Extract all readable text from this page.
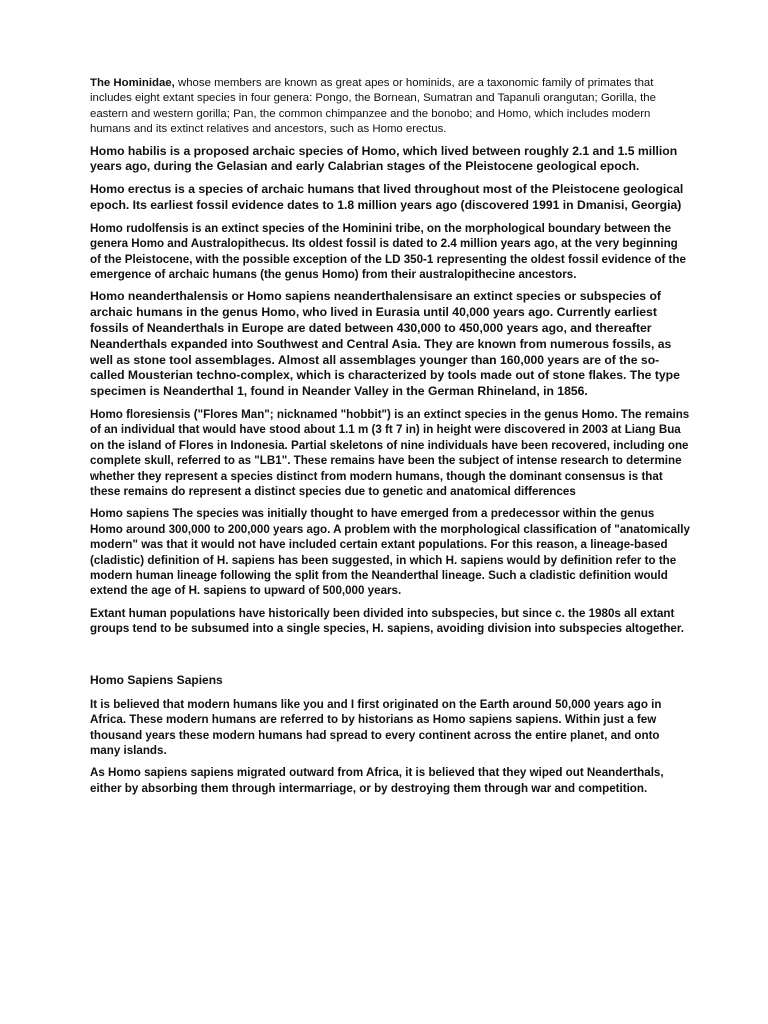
The Hominidae, whose members are known as great apes or hominids, are a taxonomic family of primates that includes eight extant species in four genera: Pongo, the Bornean, Sumatran and Tapanuli orangutan; Gorilla, the eastern and western gorilla; Pan, the common chimpanzee and the bonobo; and Homo, which includes modern humans and its extinct relatives and ancestors, such as Homo erectus.

Homo habilis is a proposed archaic species of Homo, which lived between roughly 2.1 and 1.5 million years ago, during the Gelasian and early Calabrian stages of the Pleistocene geological epoch.

Homo erectus is a species of archaic humans that lived throughout most of the Pleistocene geological epoch. Its earliest fossil evidence dates to 1.8 million years ago (discovered 1991 in Dmanisi, Georgia)

Homo rudolfensis is an extinct species of the Hominini tribe, on the morphological boundary between the genera Homo and Australopithecus. Its oldest fossil is dated to 2.4 million years ago, at the very beginning of the Pleistocene, with the possible exception of the LD 350-1 representing the oldest fossil evidence of the emergence of archaic humans (the genus Homo) from their australopithecine ancestors.

Homo neanderthalensis or Homo sapiens neanderthalensisare an extinct species or subspecies of archaic humans in the genus Homo, who lived in Eurasia until 40,000 years ago. Currently earliest fossils of Neanderthals in Europe are dated between 430,000 to 450,000 years ago, and thereafter Neanderthals expanded into Southwest and Central Asia. They are known from numerous fossils, as well as stone tool assemblages. Almost all assemblages younger than 160,000 years are of the so-called Mousterian techno-complex, which is characterized by tools made out of stone flakes. The type specimen is Neanderthal 1, found in Neander Valley in the German Rhineland, in 1856.

Homo floresiensis ("Flores Man"; nicknamed "hobbit") is an extinct species in the genus Homo. The remains of an individual that would have stood about 1.1 m (3 ft 7 in) in height were discovered in 2003 at Liang Bua on the island of Flores in Indonesia. Partial skeletons of nine individuals have been recovered, including one complete skull, referred to as "LB1". These remains have been the subject of intense research to determine whether they represent a species distinct from modern humans, though the dominant consensus is that these remains do represent a distinct species due to genetic and anatomical differences

Homo sapiens The species was initially thought to have emerged from a predecessor within the genus Homo around 300,000 to 200,000 years ago. A problem with the morphological classification of "anatomically modern" was that it would not have included certain extant populations. For this reason, a lineage-based (cladistic) definition of H. sapiens has been suggested, in which H. sapiens would by definition refer to the modern human lineage following the split from the Neanderthal lineage. Such a cladistic definition would extend the age of H. sapiens to upward of 500,000 years.

Extant human populations have historically been divided into subspecies, but since c. the 1980s all extant groups tend to be subsumed into a single species, H. sapiens, avoiding division into subspecies altogether.

Homo Sapiens Sapiens

It is believed that modern humans like you and I first originated on the Earth around 50,000 years ago in Africa. These modern humans are referred to by historians as Homo sapiens sapiens. Within just a few thousand years these modern humans had spread to every continent across the entire planet, and onto many islands.

As Homo sapiens sapiens migrated outward from Africa, it is believed that they wiped out Neanderthals, either by absorbing them through intermarriage, or by destroying them through war and competition.
